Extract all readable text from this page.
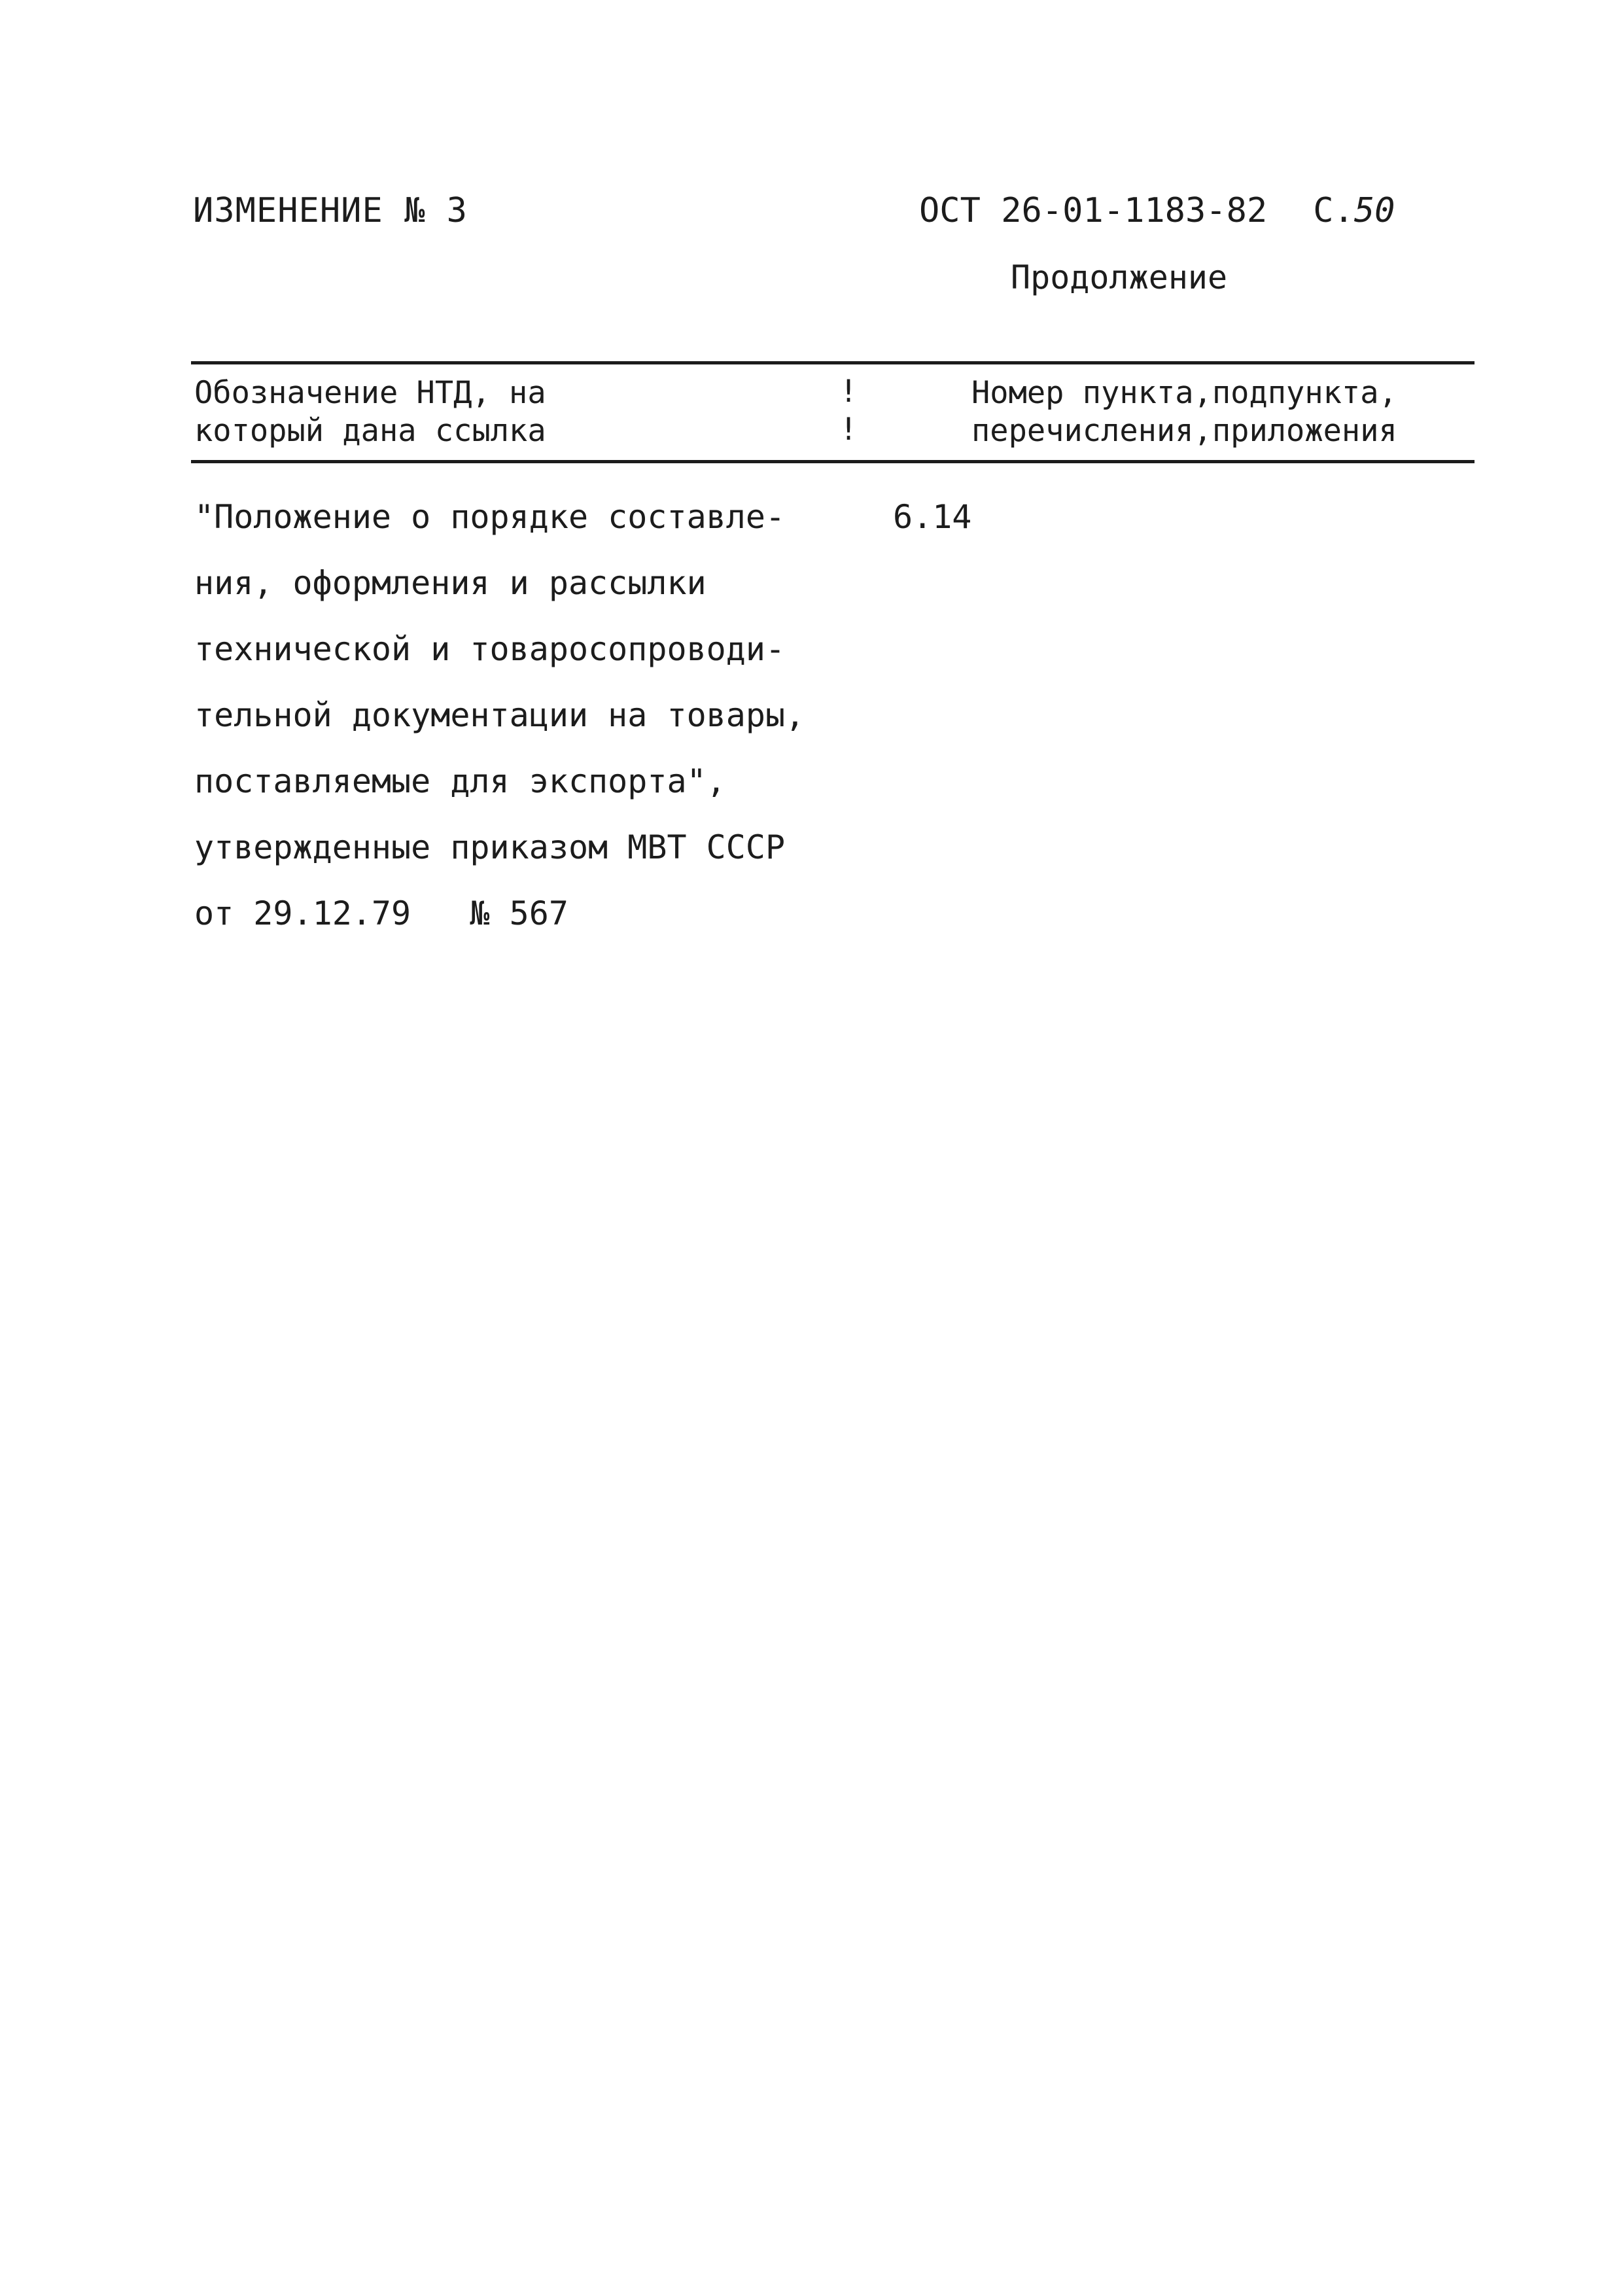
ИЗМЕНЕНИЕ № 3	ОСТ 26-01-1183-82 С.50
Продолжение
Обозначение НТД, на
который дана ссылка
!
!
Номер пункта,подпункта,
перечисления,приложения
"Положение о порядке составле-
ния, оформления и рассылки
технической и товаросопроводи-
тельной документации на товары,
поставляемые для экспорта",
утвержденные приказом МВТ СССР
от 29.12.79   № 567
6.14
